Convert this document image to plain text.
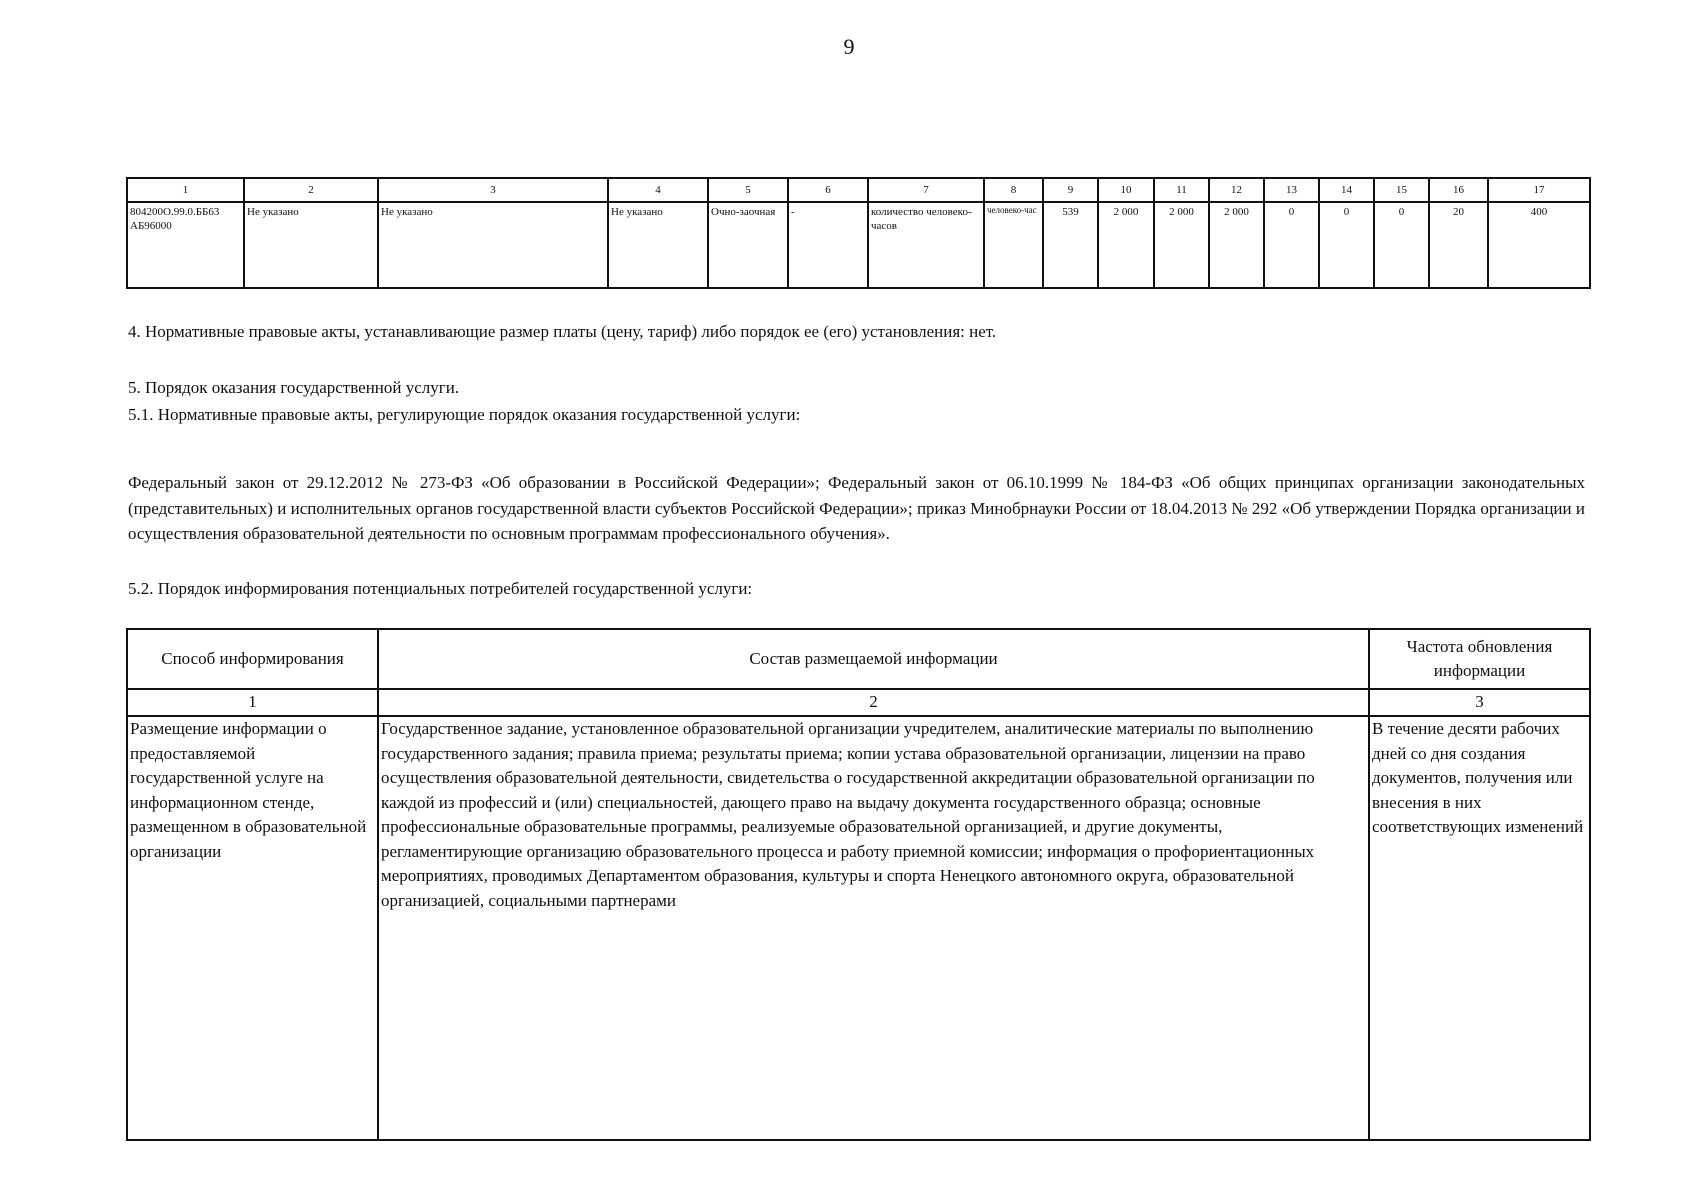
9
1	2	3	4	5	6	7	8	9	10	11	12	13	14	15	16	17
804200О.99.0.ББ63 АБ96000	Не указано	Не указано	Не указано	Очно-заочная	-	количество человеко-часов	человеко-час	539	2 000	2 000	2 000	0	0	0	20	400
4. Нормативные правовые акты, устанавливающие размер платы (цену, тариф) либо порядок ее (его) установления: нет.
5. Порядок оказания государственной услуги.
5.1. Нормативные правовые акты, регулирующие порядок оказания государственной услуги:
Федеральный закон от 29.12.2012 № 273-ФЗ «Об образовании в Российской Федерации»; Федеральный закон от 06.10.1999 № 184-ФЗ «Об общих принципах организации законодательных (представительных) и исполнительных органов государственной власти субъектов Российской Федерации»; приказ Минобрнауки России от 18.04.2013 № 292 «Об утверждении Порядка организации и осуществления образовательной деятельности по основным программам профессионального обучения».
5.2. Порядок информирования потенциальных потребителей государственной услуги:
Способ информирования	Состав размещаемой информации	Частота обновления информации
1	2	3
Размещение информации о предоставляемой государственной услуге на информационном стенде, размещенном в образовательной организации	Государственное задание, установленное образовательной организации учредителем, аналитические материалы по выполнению государственного задания; правила приема; результаты приема; копии устава образовательной организации, лицензии на право осуществления образовательной деятельности, свидетельства о государственной аккредитации образовательной организации по каждой из профессий и (или) специальностей, дающего право на выдачу документа государственного образца; основные профессиональные образовательные программы, реализуемые образовательной организацией, и другие документы, регламентирующие организацию образовательного процесса и работу приемной комиссии; информация о профориентационных мероприятиях, проводимых Департаментом образования, культуры и спорта Ненецкого автономного округа, образовательной организацией, социальными партнерами	В течение десяти рабочих дней со дня создания документов, получения или внесения в них соответствующих изменений
